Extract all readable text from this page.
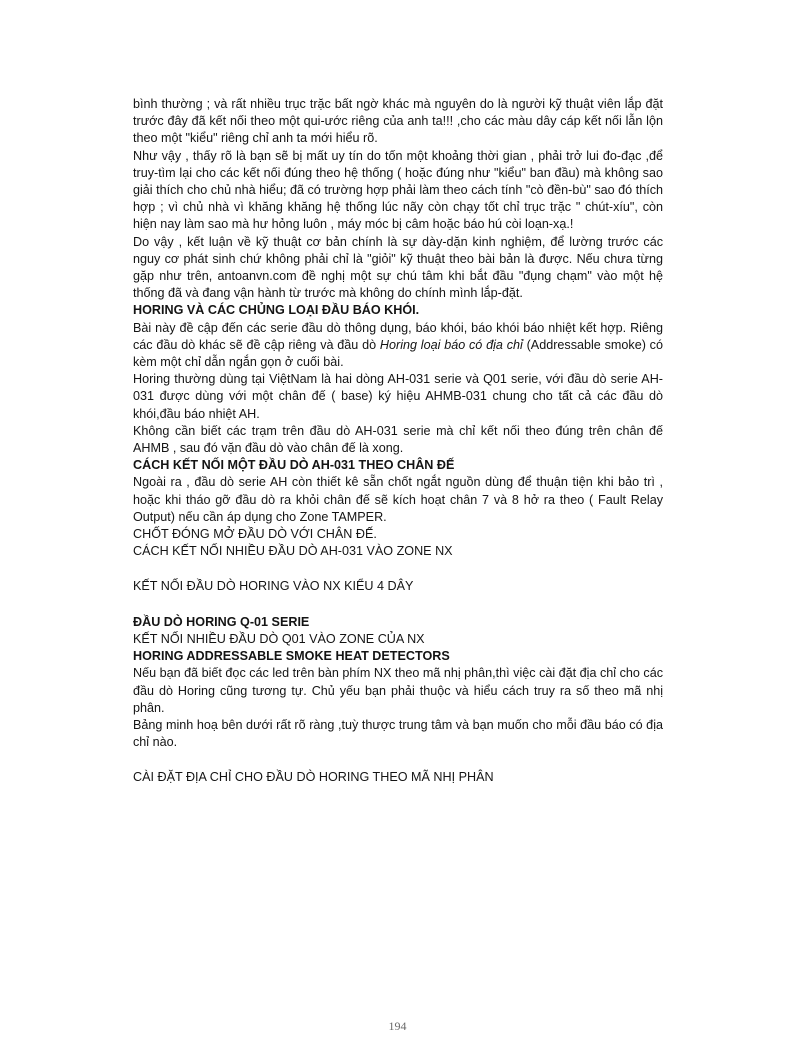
bình thường ; và rất nhiều trục trặc bất ngờ khác mà nguyên do là người kỹ thuật viên lắp đặt trước đây đã kết nối theo một qui-ước riêng của anh ta!!! ,cho các màu dây cáp kết nối lẫn lộn theo một "kiểu" riêng chỉ anh ta mới hiểu rõ.

Như vậy , thấy rõ là bạn sẽ bị mất uy tín do tốn một khoảng thời gian , phải trở lui đo-đạc ,để truy-tìm lại cho các kết nối đúng theo hệ thống ( hoặc đúng như "kiểu" ban đầu) mà không sao giải thích cho chủ nhà hiểu; đã có trường hợp phải làm theo cách tính "cò đền-bù" sao đó thích hợp ; vì chủ nhà vì khăng khăng hệ thống lúc nãy còn chạy tốt chỉ trục trặc " chút-xíu", còn hiện nay làm sao mà hư hỏng luôn , máy móc bị câm hoặc báo hú còi loạn-xạ.!

Do vậy , kết luận về kỹ thuật cơ bản chính là sự dày-dặn kinh nghiệm, để lường trước các nguy cơ phát sinh chứ không phải chỉ là "giỏi" kỹ thuật theo bài bản là được. Nếu chưa từng gặp như trên, antoanvn.com đề nghị một sự chú tâm khi bắt đầu "đụng chạm" vào một hệ thống đã và đang vận hành từ trước mà không do chính mình lắp-đặt.

HORING VÀ CÁC CHỦNG LOẠI ĐẦU BÁO KHÓI.

Bài này đề cập đến các serie đầu dò thông dụng, báo khói, báo khói báo nhiệt kết hợp. Riêng các đầu dò khác sẽ đề cập riêng và đầu dò Horing loại báo có địa chỉ (Addressable smoke) có kèm một chỉ dẫn ngắn gọn ở cuối bài.

Horing thường dùng tại ViệtNam là hai dòng AH-031 serie và Q01 serie, với đầu dò serie AH-031 được dùng với một chân đế ( base) ký hiệu AHMB-031 chung cho tất cả các đầu dò khói,đầu báo nhiệt AH.

Không cần biết các trạm trên đầu dò AH-031 serie mà chỉ kết nối theo đúng trên chân đế AHMB , sau đó vặn đầu dò vào chân đế là xong.

CÁCH KẾT NỐI MỘT ĐẦU DÒ AH-031 THEO CHÂN ĐẾ

Ngoài ra , đầu dò serie AH còn thiết kê sẵn chốt ngắt nguồn dùng để thuận tiện khi bảo trì , hoặc khi tháo gỡ đầu dò ra khỏi chân đế sẽ kích hoạt chân 7 và 8 hở ra theo ( Fault Relay Output) nếu cần áp dụng cho Zone TAMPER.

CHỐT ĐÓNG MỞ ĐẦU DÒ VỚI CHÂN ĐẾ.

CÁCH KẾT NỐI NHIỀU ĐẦU DÒ AH-031 VÀO ZONE NX

KẾT NỐI ĐẦU DÒ HORING VÀO NX KIỂU 4 DÂY

ĐẦU DÒ HORING Q-01 SERIE

KẾT NỐI NHIỀU ĐẦU DÒ Q01 VÀO ZONE CỦA NX

HORING ADDRESSABLE SMOKE HEAT DETECTORS

Nếu bạn đã biết đọc các led trên bàn phím NX theo mã nhị phân,thì việc cài đặt địa chỉ cho các đầu dò Horing cũng tương tự. Chủ yếu bạn phải thuộc và hiểu cách truy ra số theo mã nhị phân.

Bảng minh hoạ bên dưới rất rõ ràng ,tuỳ thược trung tâm và bạn muốn cho mỗi đầu báo có địa chỉ nào.

CÀI ĐẶT ĐỊA CHỈ CHO ĐẦU DÒ HORING THEO MÃ NHỊ PHÂN

194
